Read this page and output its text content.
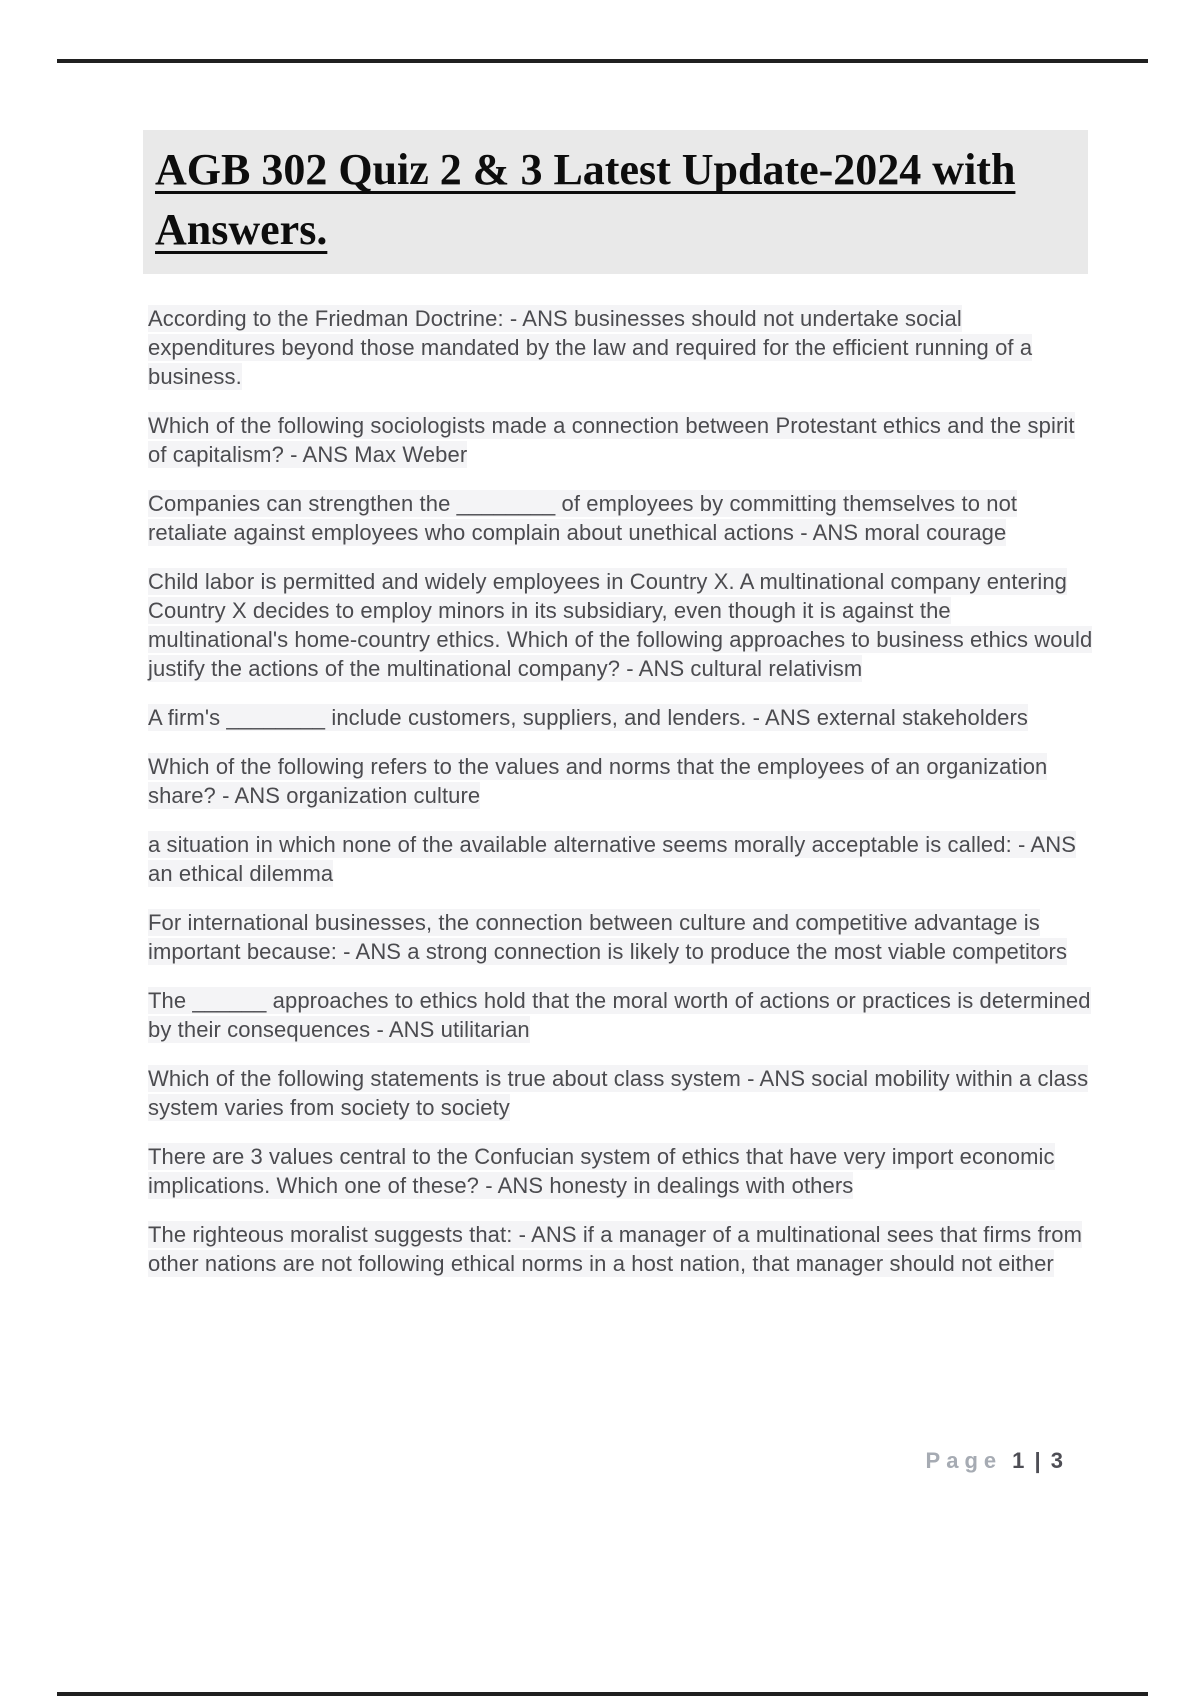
AGB 302 Quiz 2 & 3 Latest Update-2024 with Answers.

According to the Friedman Doctrine: - ANS businesses should not undertake social expenditures beyond those mandated by the law and required for the efficient running of a business.

Which of the following sociologists made a connection between Protestant ethics and the spirit of capitalism? - ANS Max Weber

Companies can strengthen the ________ of employees by committing themselves to not retaliate against employees who complain about unethical actions - ANS moral courage

Child labor is permitted and widely employees in Country X. A multinational company entering Country X decides to employ minors in its subsidiary, even though it is against the multinational's home-country ethics. Which of the following approaches to business ethics would justify the actions of the multinational company? - ANS cultural relativism

A firm's ________ include customers, suppliers, and lenders. - ANS external stakeholders

Which of the following refers to the values and norms that the employees of an organization share? - ANS organization culture

a situation in which none of the available alternative seems morally acceptable is called: - ANS an ethical dilemma

For international businesses, the connection between culture and competitive advantage is important because: - ANS a strong connection is likely to produce the most viable competitors

The ______ approaches to ethics hold that the moral worth of actions or practices is determined by their consequences - ANS utilitarian

Which of the following statements is true about class system - ANS social mobility within a class system varies from society to society

There are 3 values central to the Confucian system of ethics that have very import economic implications. Which one of these? - ANS honesty in dealings with others

The righteous moralist suggests that: - ANS if a manager of a multinational sees that firms from other nations are not following ethical norms in a host nation, that manager should not either

Page 1 | 3
